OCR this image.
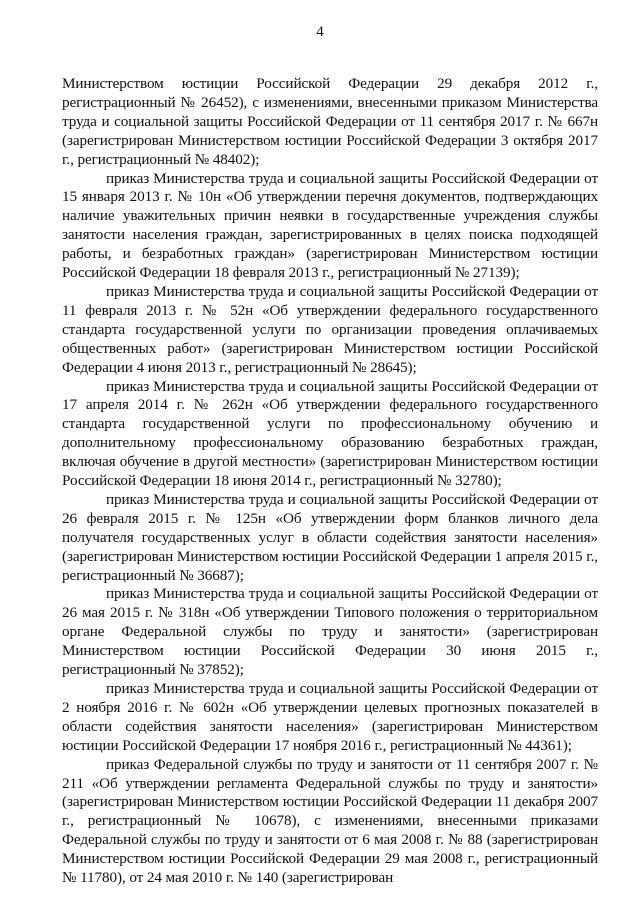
4

Министерством юстиции Российской Федерации 29 декабря 2012 г., регистрационный № 26452), с изменениями, внесенными приказом Министерства труда и социальной защиты Российской Федерации от 11 сентября 2017 г. № 667н (зарегистрирован Министерством юстиции Российской Федерации 3 октября 2017 г., регистрационный № 48402);

приказ Министерства труда и социальной защиты Российской Федерации от 15 января 2013 г. № 10н «Об утверждении перечня документов, подтверждающих наличие уважительных причин неявки в государственные учреждения службы занятости населения граждан, зарегистрированных в целях поиска подходящей работы, и безработных граждан» (зарегистрирован Министерством юстиции Российской Федерации 18 февраля 2013 г., регистрационный № 27139);

приказ Министерства труда и социальной защиты Российской Федерации от 11 февраля 2013 г. № 52н «Об утверждении федерального государственного стандарта государственной услуги по организации проведения оплачиваемых общественных работ» (зарегистрирован Министерством юстиции Российской Федерации 4 июня 2013 г., регистрационный № 28645);

приказ Министерства труда и социальной защиты Российской Федерации от 17 апреля 2014 г. № 262н «Об утверждении федерального государственного стандарта государственной услуги по профессиональному обучению и дополнительному профессиональному образованию безработных граждан, включая обучение в другой местности» (зарегистрирован Министерством юстиции Российской Федерации 18 июня 2014 г., регистрационный № 32780);

приказ Министерства труда и социальной защиты Российской Федерации от 26 февраля 2015 г. № 125н «Об утверждении форм бланков личного дела получателя государственных услуг в области содействия занятости населения» (зарегистрирован Министерством юстиции Российской Федерации 1 апреля 2015 г., регистрационный № 36687);

приказ Министерства труда и социальной защиты Российской Федерации от 26 мая 2015 г. № 318н «Об утверждении Типового положения о территориальном органе Федеральной службы по труду и занятости» (зарегистрирован Министерством юстиции Российской Федерации 30 июня 2015 г., регистрационный № 37852);

приказ Министерства труда и социальной защиты Российской Федерации от 2 ноября 2016 г. № 602н «Об утверждении целевых прогнозных показателей в области содействия занятости населения» (зарегистрирован Министерством юстиции Российской Федерации 17 ноября 2016 г., регистрационный № 44361);

приказ Федеральной службы по труду и занятости от 11 сентября 2007 г. № 211 «Об утверждении регламента Федеральной службы по труду и занятости» (зарегистрирован Министерством юстиции Российской Федерации 11 декабря 2007 г., регистрационный № 10678), с изменениями, внесенными приказами Федеральной службы по труду и занятости от 6 мая 2008 г. № 88 (зарегистрирован Министерством юстиции Российской Федерации 29 мая 2008 г., регистрационный № 11780), от 24 мая 2010 г. № 140 (зарегистрирован
